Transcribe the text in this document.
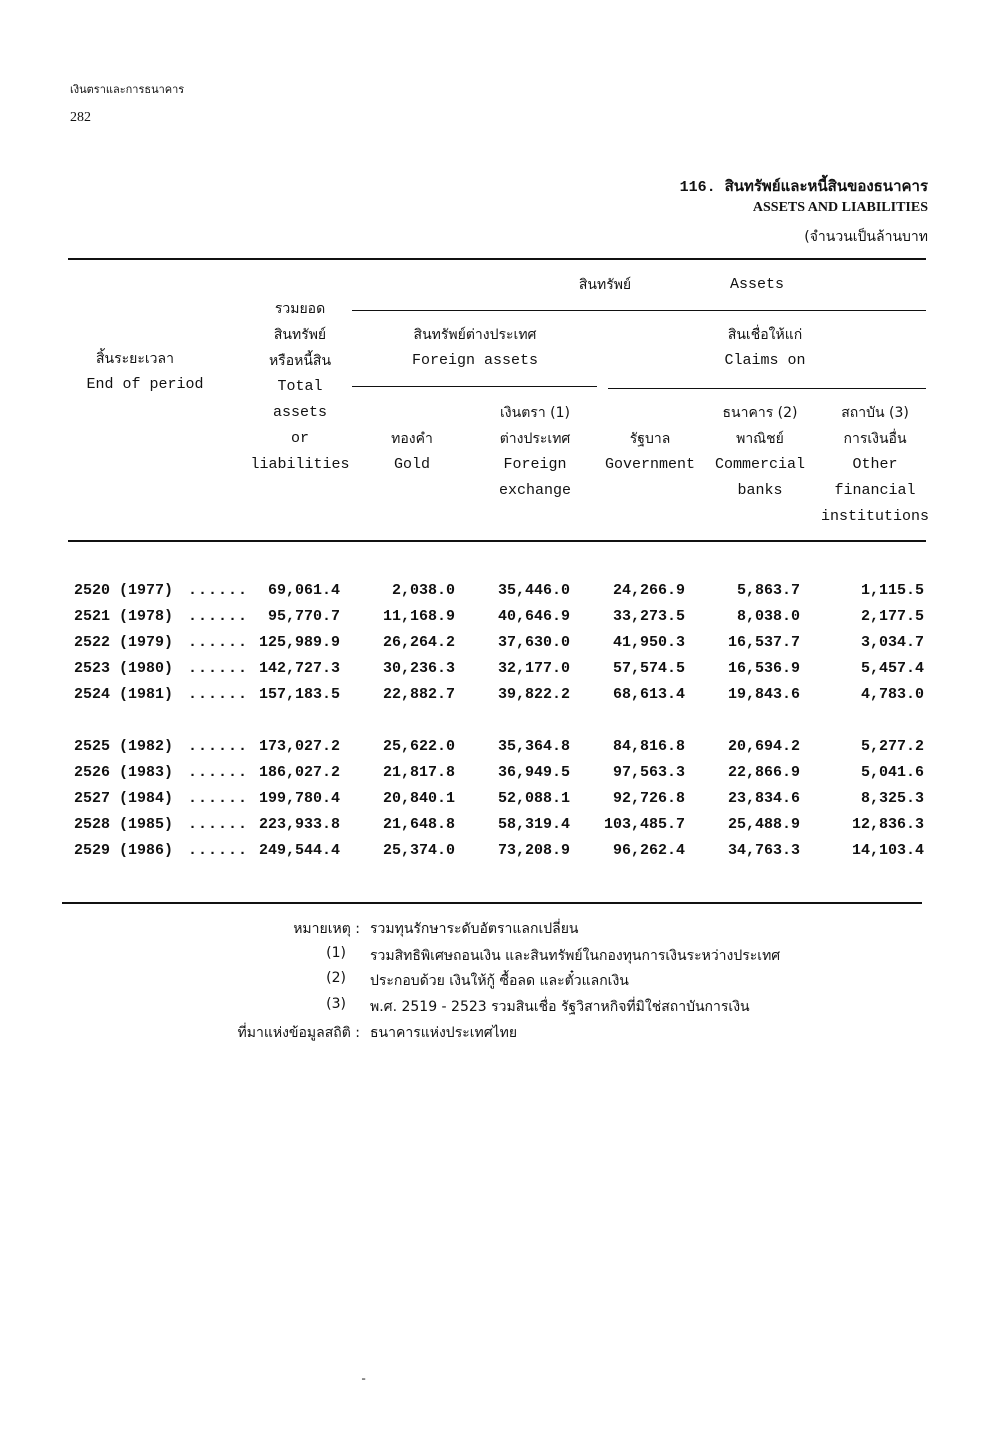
เงินตราและการธนาคาร
282
116. สินทรัพย์และหนี้สินของธนาคาร
ASSETS AND LIABILITIES
(จำนวนเป็นล้านบาท
สินทรัพย์	Assets
สินทรัพย์ต่างประเทศ
Foreign assets
สินเชื่อให้แก่
Claims on
สิ้นระยะเวลา
End of period
รวมยอด
สินทรัพย์
หรือหนี้สิน
Total
assets
or
liabilities
ทองคำ
Gold
เงินตรา (1)
ต่างประเทศ
Foreign
exchange
รัฐบาล
Government
ธนาคาร (2)
พาณิชย์
Commercial
banks
สถาบัน (3)
การเงินอื่น
Other
financial
institutions
2520 (1977) ...... 69,061.4	2,038.0	35,446.0	24,266.9	5,863.7	1,115.5
2521 (1978) ...... 95,770.7	11,168.9	40,646.9	33,273.5	8,038.0	2,177.5
2522 (1979) ...... 125,989.9	26,264.2	37,630.0	41,950.3	16,537.7	3,034.7
2523 (1980) ...... 142,727.3	30,236.3	32,177.0	57,574.5	16,536.9	5,457.4
2524 (1981) ...... 157,183.5	22,882.7	39,822.2	68,613.4	19,843.6	4,783.0
2525 (1982) ...... 173,027.2	25,622.0	35,364.8	84,816.8	20,694.2	5,277.2
2526 (1983) ...... 186,027.2	21,817.8	36,949.5	97,563.3	22,866.9	5,041.6
2527 (1984) ...... 199,780.4	20,840.1	52,088.1	92,726.8	23,834.6	8,325.3
2528 (1985) ...... 223,933.8	21,648.8	58,319.4 103,485.7	25,488.9	12,836.3
2529 (1986) ...... 249,544.4	25,374.0	73,208.9	96,262.4	34,763.3	14,103.4
หมายเหตุ : รวมทุนรักษาระดับอัตราแลกเปลี่ยน
(1) รวมสิทธิพิเศษถอนเงิน และสินทรัพย์ในกองทุนการเงินระหว่างประเทศ
(2) ประกอบด้วย เงินให้กู้ ซื้อลด และตั๋วแลกเงิน
(3) พ.ศ. 2519 - 2523 รวมสินเชื่อ รัฐวิสาหกิจที่มิใช่สถาบันการเงิน
ที่มาแห่งข้อมูลสถิติ : ธนาคารแห่งประเทศไทย
-
